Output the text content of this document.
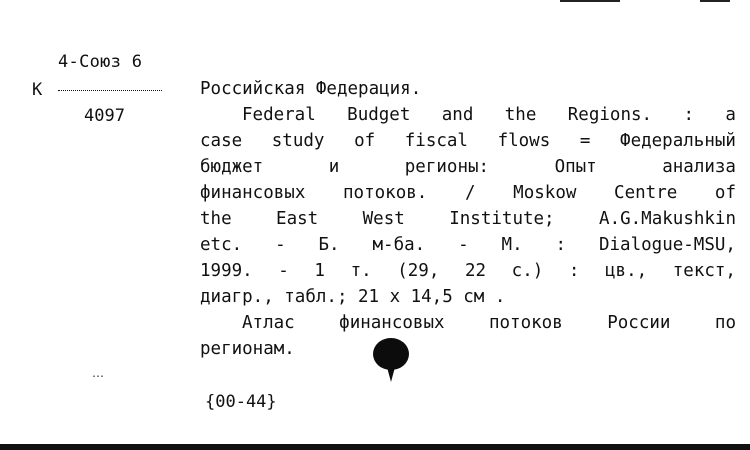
4-Союз 6
К
4097
Российская Федерация.
Federal Budget and the Regions. : a
case study of fiscal flows = Федеральный
бюджет	и	регионы:	Опыт	анализа
финансовых потоков. / Moskow Centre of
the	East	West	Institute;	A.G.Makushkin
etc. - Б. м-ба. - М. : Dialogue-MSU,
1999. - 1 т. (29, 22 с.) : цв., текст,
диагр., табл.; 21 х 14,5 см .
Атлас	финансовых	потоков	России	по
регионам.
․‥
{00-44}
